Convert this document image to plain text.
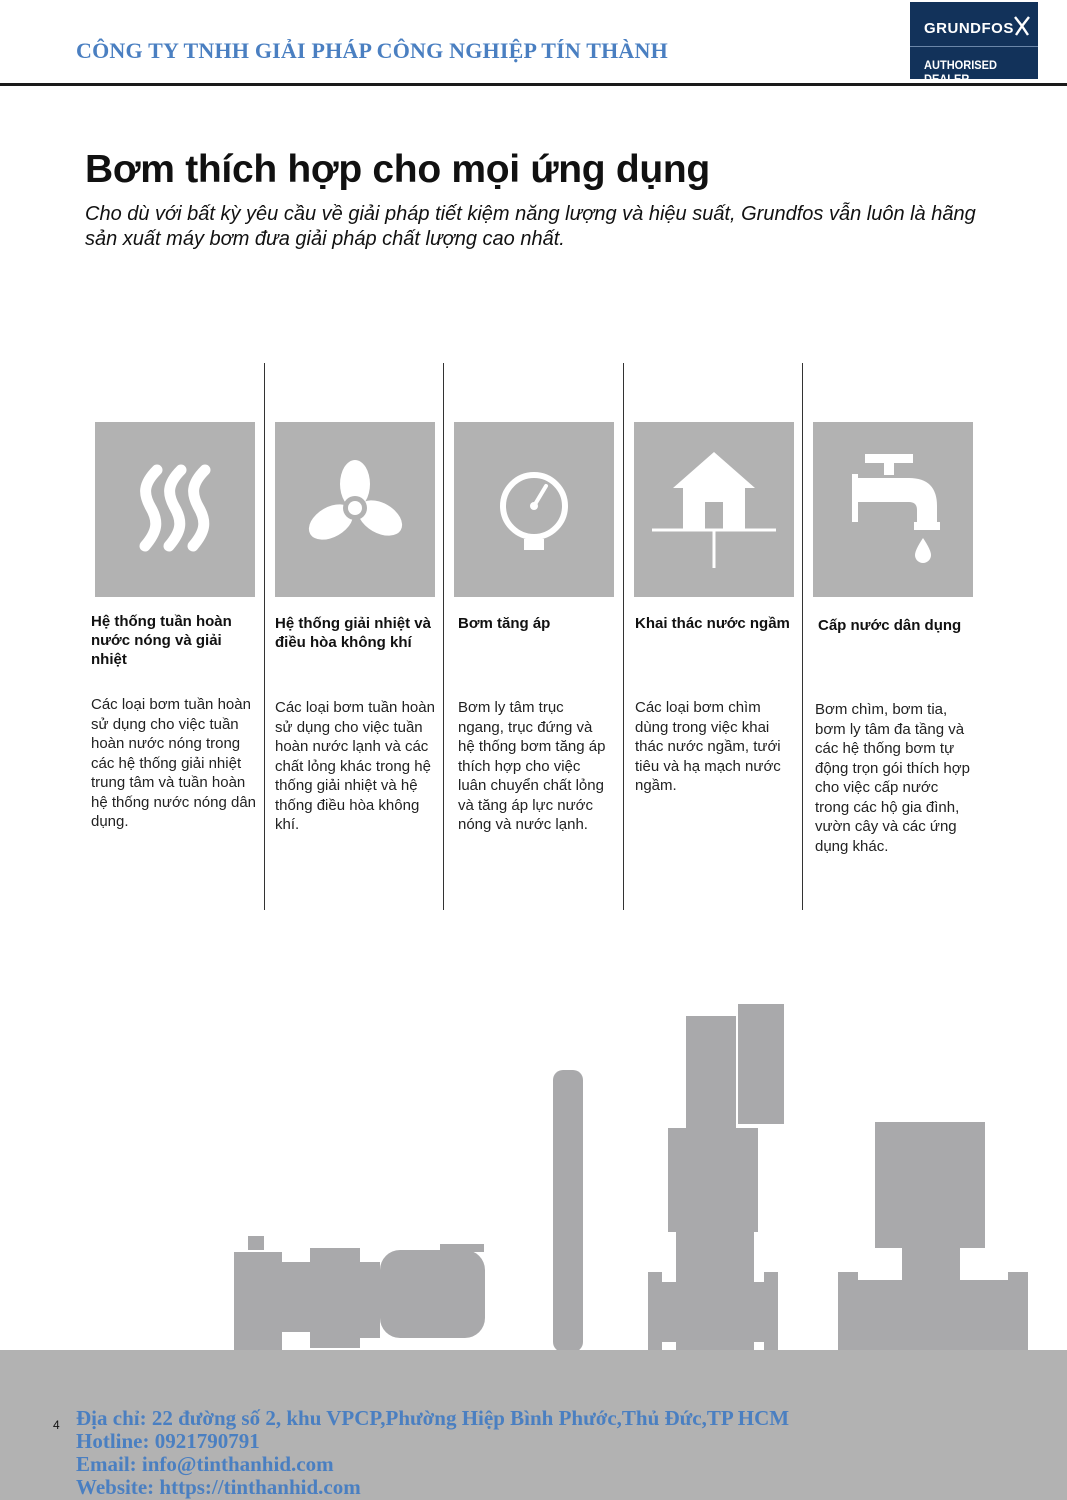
CÔNG TY TNHH GIẢI PHÁP CÔNG NGHIỆP TÍN THÀNH
GRUNDFOS
AUTHORISED DEALER
Bơm thích hợp cho mọi ứng dụng
Cho dù với bất kỳ yêu cầu về giải pháp tiết kiệm năng lượng và hiệu suất, Grundfos vẫn luôn là hãng sản xuất máy bơm đưa giải pháp chất lượng cao nhất.
Hệ thống tuần hoàn nước nóng và giải nhiệt
Các loại bơm tuần hoàn sử dụng cho việc tuần hoàn nước nóng trong các hệ thống giải nhiệt trung tâm và tuần hoàn hệ thống nước nóng dân dụng.
Hệ thống giải nhiệt và điều hòa không khí
Các loại bơm tuần hoàn sử dụng cho việc tuần hoàn nước lạnh và các chất lỏng khác trong hệ thống giải nhiệt và hệ thống điều hòa không khí.
Bơm tăng áp
Bơm ly tâm trục ngang, trục đứng và hệ thống bơm tăng áp thích hợp cho việc luân chuyển chất lỏng và tăng áp lực nước nóng và nước lạnh.
Khai thác nước ngầm
Các loại bơm chìm dùng trong việc khai thác nước ngầm, tưới tiêu và hạ mạch nước ngầm.
Cấp nước dân dụng
Bơm chìm, bơm tia, bơm ly tâm đa tầng và các hệ thống bơm tự động trọn gói thích hợp cho việc cấp nước trong các hộ gia đình, vườn cây và các ứng dụng khác.
4 Địa chỉ: 22 đường số 2, khu VPCP,Phường Hiệp Bình Phước,Thủ Đức,TP HCM
Hotline: 0921790791
Email: info@tinthanhid.com
Website: https://tinthanhid.com
